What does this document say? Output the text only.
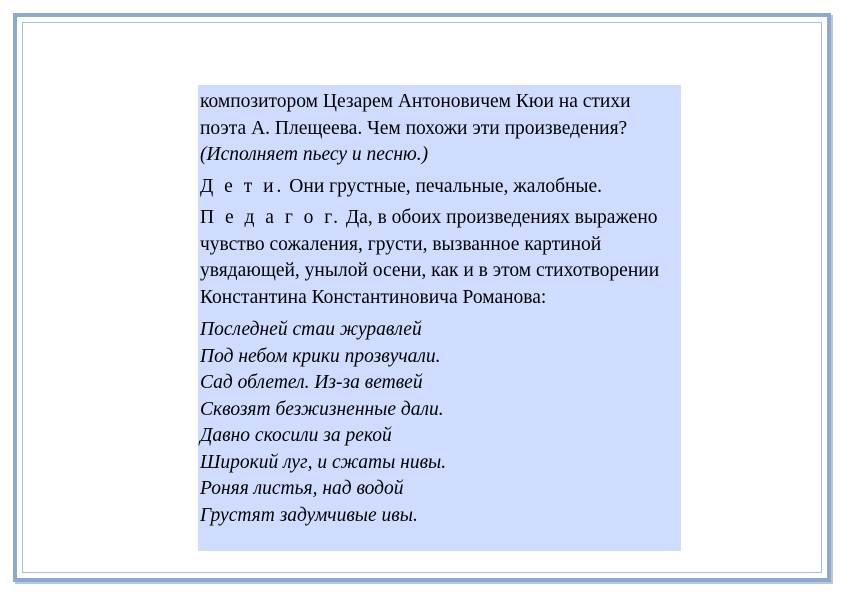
композитором Цезарем Антоновичем Кюи на стихи поэта А. Плещеева. Чем похожи эти произведения? (Исполняет пьесу и песню.)

Д е т и. Они грустные, печальные, жалобные.

П е д а г о г. Да, в обоих произведениях выражено чувство сожаления, грусти, вызванное картиной увядающей, унылой осени, как и в этом стихотворении Константина Константиновича Романова:

Последней стаи журавлей
Под небом крики прозвучали.
Сад облетел. Из-за ветвей
Сквозят безжизненные дали.
Давно скосили за рекой
Широкий луг, и сжаты нивы.
Роняя листья, над водой
Грустят задумчивые ивы.
